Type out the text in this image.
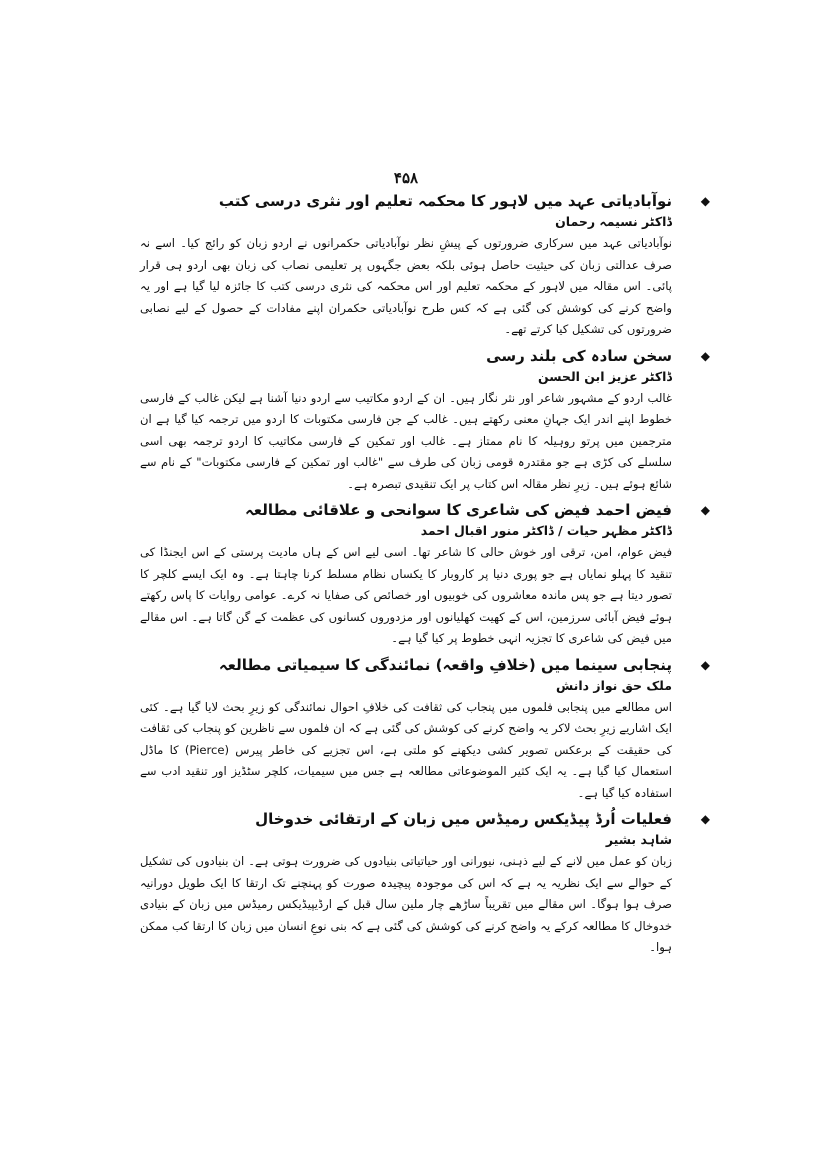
۴۵۸
◆
نوآبادیاتی عہد میں لاہور کا محکمہ تعلیم اور نثری درسی کتب
ڈاکٹر نسیمہ رحمان
نوآبادیاتی عہد میں سرکاری ضرورتوں کے پیشِ نظر نوآبادیاتی حکمرانوں نے اردو زبان کو رائج کیا۔ اسے نہ صرف عدالتی زبان کی حیثیت حاصل ہوئی بلکہ بعض جگہوں پر تعلیمی نصاب کی زبان بھی اردو ہی قرار پائی۔ اس مقالہ میں لاہور کے محکمہ تعلیم اور اس محکمہ کی نثری درسی کتب کا جائزہ لیا گیا ہے اور یہ واضح کرنے کی کوشش کی گئی ہے کہ کس طرح نوآبادیاتی حکمران اپنے مفادات کے حصول کے لیے نصابی ضرورتوں کی تشکیل کیا کرتے تھے۔
◆
سخن سادہ کی بلند رسی
ڈاکٹر عزیز ابن الحسن
غالب اردو کے مشہور شاعر اور نثر نگار ہیں۔ ان کے اردو مکاتیب سے اردو دنیا آشنا ہے لیکن غالب کے فارسی خطوط اپنے اندر ایک جہانِ معنی رکھتے ہیں۔ غالب کے جن فارسی مکتوبات کا اردو میں ترجمہ کیا گیا ہے ان مترجمین میں پرتو روہیلہ کا نام ممتاز ہے۔ غالب اور تمکین کے فارسی مکاتیب کا اردو ترجمہ بھی اسی سلسلے کی کڑی ہے جو مقتدرہ قومی زبان کی طرف سے "غالب اور تمکین کے فارسی مکتوبات" کے نام سے شائع ہوئے ہیں۔ زیرِ نظر مقالہ اس کتاب پر ایک تنقیدی تبصرہ ہے۔
◆
فیض احمد فیض کی شاعری کا سوانحی و علاقائی مطالعہ
ڈاکٹر مظہر حیات / ڈاکٹر منور اقبال احمد
فیض عوام، امن، ترقی اور خوش حالی کا شاعر تھا۔ اسی لیے اس کے ہاں مادیت پرستی کے اس ایجنڈا کی تنقید کا پہلو نمایاں ہے جو پوری دنیا پر کاروبار کا یکساں نظام مسلط کرنا چاہتا ہے۔ وہ ایک ایسے کلچر کا تصور دیتا ہے جو پس ماندہ معاشروں کی خوبیوں اور خصائص کی صفایا نہ کرے۔ عوامی روایات کا پاس رکھتے ہوئے فیض آبائی سرزمین، اس کے کھیت کھلیانوں اور مزدوروں کسانوں کی عظمت کے گن گاتا ہے۔ اس مقالے میں فیض کی شاعری کا تجزیہ انہی خطوط پر کیا گیا ہے۔
◆
پنجابی سینما میں (خلافِ واقعہ) نمائندگی کا سیمیاتی مطالعہ
ملک حق نواز دانش
اس مطالعے میں پنجابی فلموں میں پنجاب کی ثقافت کی خلافِ احوال نمائندگی کو زیرِ بحث لایا گیا ہے۔ کئی ایک اشاریے زیرِ بحث لاکر یہ واضح کرنے کی کوشش کی گئی ہے کہ ان فلموں سے ناظرین کو پنجاب کی ثقافت کی حقیقت کے برعکس تصویر کشی دیکھنے کو ملتی ہے، اس تجزیے کی خاطر پیرس (Pierce) کا ماڈل استعمال کیا گیا ہے۔ یہ ایک کثیر الموضوعاتی مطالعہ ہے جس میں سیمیات، کلچر سٹڈیز اور تنقید ادب سے استفادہ کیا گیا ہے۔
◆
فعلیات اُرڈ پیڈیکس رمیڈس میں زبان کے ارتقائی خدوخال
شاہد بشیر
زبان کو عمل میں لانے کے لیے ذہنی، نیورانی اور حیاتیاتی بنیادوں کی ضرورت ہوتی ہے۔ ان بنیادوں کی تشکیل کے حوالے سے ایک نظریہ یہ ہے کہ اس کی موجودہ پیچیدہ صورت کو پہنچنے تک ارتقا کا ایک طویل دورانیہ صرف ہوا ہوگا۔ اس مقالے میں تقریباً ساڑھے چار ملین سال قبل کے ارڈیپیڈیکس رمیڈس میں زبان کے بنیادی خدوخال کا مطالعہ کرکے یہ واضح کرنے کی کوشش کی گئی ہے کہ بنی نوعِ انسان میں زبان کا ارتقا کب ممکن ہوا۔
